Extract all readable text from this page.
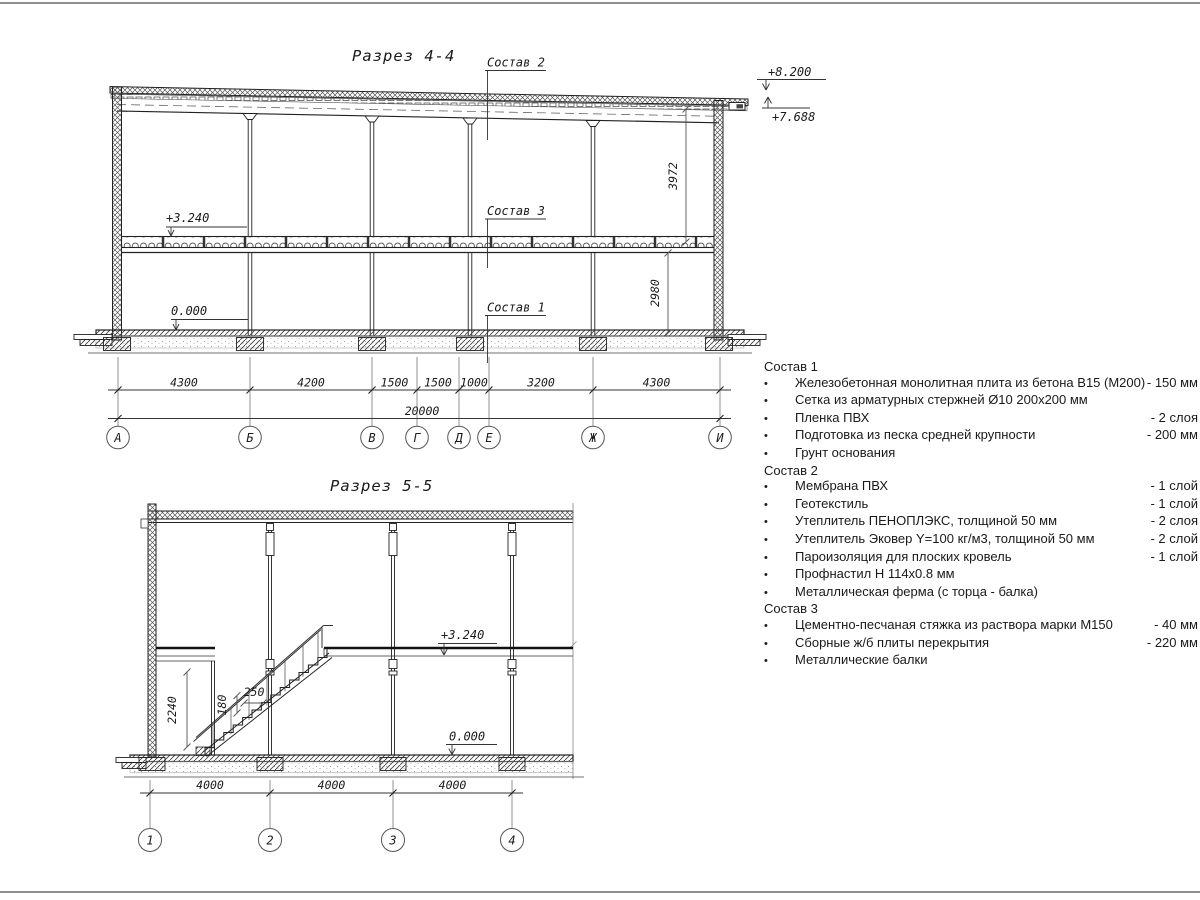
Разрез 4-4
+3.240
0.000
+8.200
+7.688
Состав 2
Состав 3
Состав 1
3972
2980
4300	4200	1500 1500 1000	3200	4300
20000
А	Б	В	Г	Д Е	Ж	И
Разрез 5-5
2240	180
250
+3.240
0.000
4000	4000	4000
1	2	3	4
Состав 1
•	Железобетонная монолитная плита из бетона В15 (М200) - 150 мм
•	Сетка из арматурных стержней Ø10 200x200 мм
•	Пленка ПВХ	- 2 слоя
•	Подготовка из песка средней крупности	- 200 мм
•	Грунт основания
Состав 2
•	Мембрана ПВХ	- 1 слой
•	Геотекстиль	- 1 слой
•	Утеплитель ПЕНОПЛЭКС, толщиной 50 мм	- 2 слоя
•	Утеплитель Эковер Y=100 кг/м3, толщиной 50 мм	- 2 слой
•	Пароизоляция для плоских кровель	- 1 слой
•	Профнастил Н 114х0.8 мм
•	Металлическая ферма (с торца - балка)
Состав 3
•	Цементно-песчаная стяжка из раствора марки М150	- 40 мм
•	Сборные ж/б плиты перекрытия	- 220 мм
•	Металлические балки
